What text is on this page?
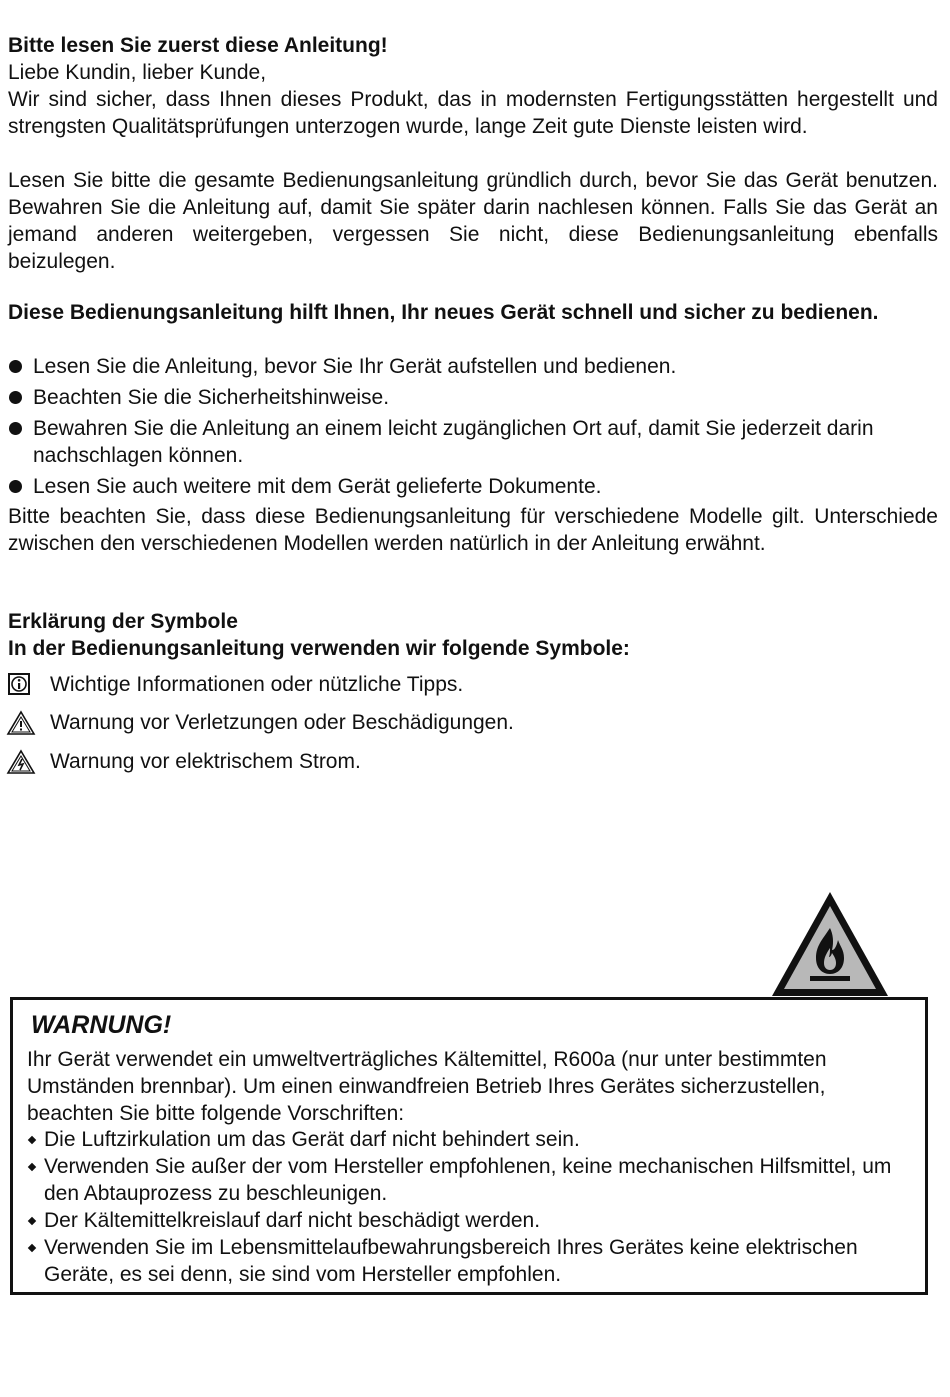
Bitte lesen Sie zuerst diese Anleitung!

Liebe Kundin, lieber Kunde,

Wir sind sicher, dass Ihnen dieses Produkt, das in modernsten Fertigungsstätten hergestellt und strengsten Qualitätsprüfungen unterzogen wurde, lange Zeit gute Dienste leisten wird.

Lesen Sie bitte die gesamte Bedienungsanleitung gründlich durch, bevor Sie das Gerät benutzen. Bewahren Sie die Anleitung auf, damit Sie später darin nachlesen können. Falls Sie das Gerät an jemand anderen weitergeben, vergessen Sie nicht, diese Bedienungsanleitung ebenfalls beizulegen.

Diese Bedienungsanleitung hilft Ihnen, Ihr neues Gerät schnell und sicher zu bedienen.

Lesen Sie die Anleitung, bevor Sie Ihr Gerät aufstellen und bedienen.
Beachten Sie die Sicherheitshinweise.
Bewahren Sie die Anleitung an einem leicht zugänglichen Ort auf, damit Sie jederzeit darin nachschlagen können.
Lesen Sie auch weitere mit dem Gerät gelieferte Dokumente.

Bitte beachten Sie, dass diese Bedienungsanleitung für verschiedene Modelle gilt. Unterschiede zwischen den verschiedenen Modellen werden natürlich in der Anleitung erwähnt.

Erklärung der Symbole

In der Bedienungsanleitung verwenden wir folgende Symbole:

Wichtige Informationen oder nützliche Tipps.
Warnung vor Verletzungen oder Beschädigungen.
Warnung vor elektrischem Strom.

WARNUNG!

Ihr Gerät verwendet ein umweltverträgliches Kältemittel, R600a (nur unter bestimmten Umständen brennbar). Um einen einwandfreien Betrieb Ihres Gerätes sicherzustellen, beachten Sie bitte folgende Vorschriften:

Die Luftzirkulation um das Gerät darf nicht behindert sein.
Verwenden Sie außer der vom Hersteller empfohlenen, keine mechanischen Hilfsmittel, um den Abtauprozess zu beschleunigen.
Der Kältemittelkreislauf darf nicht beschädigt werden.
Verwenden Sie im Lebensmittelaufbewahrungsbereich Ihres Gerätes keine elektrischen Geräte, es sei denn, sie sind vom Hersteller empfohlen.
